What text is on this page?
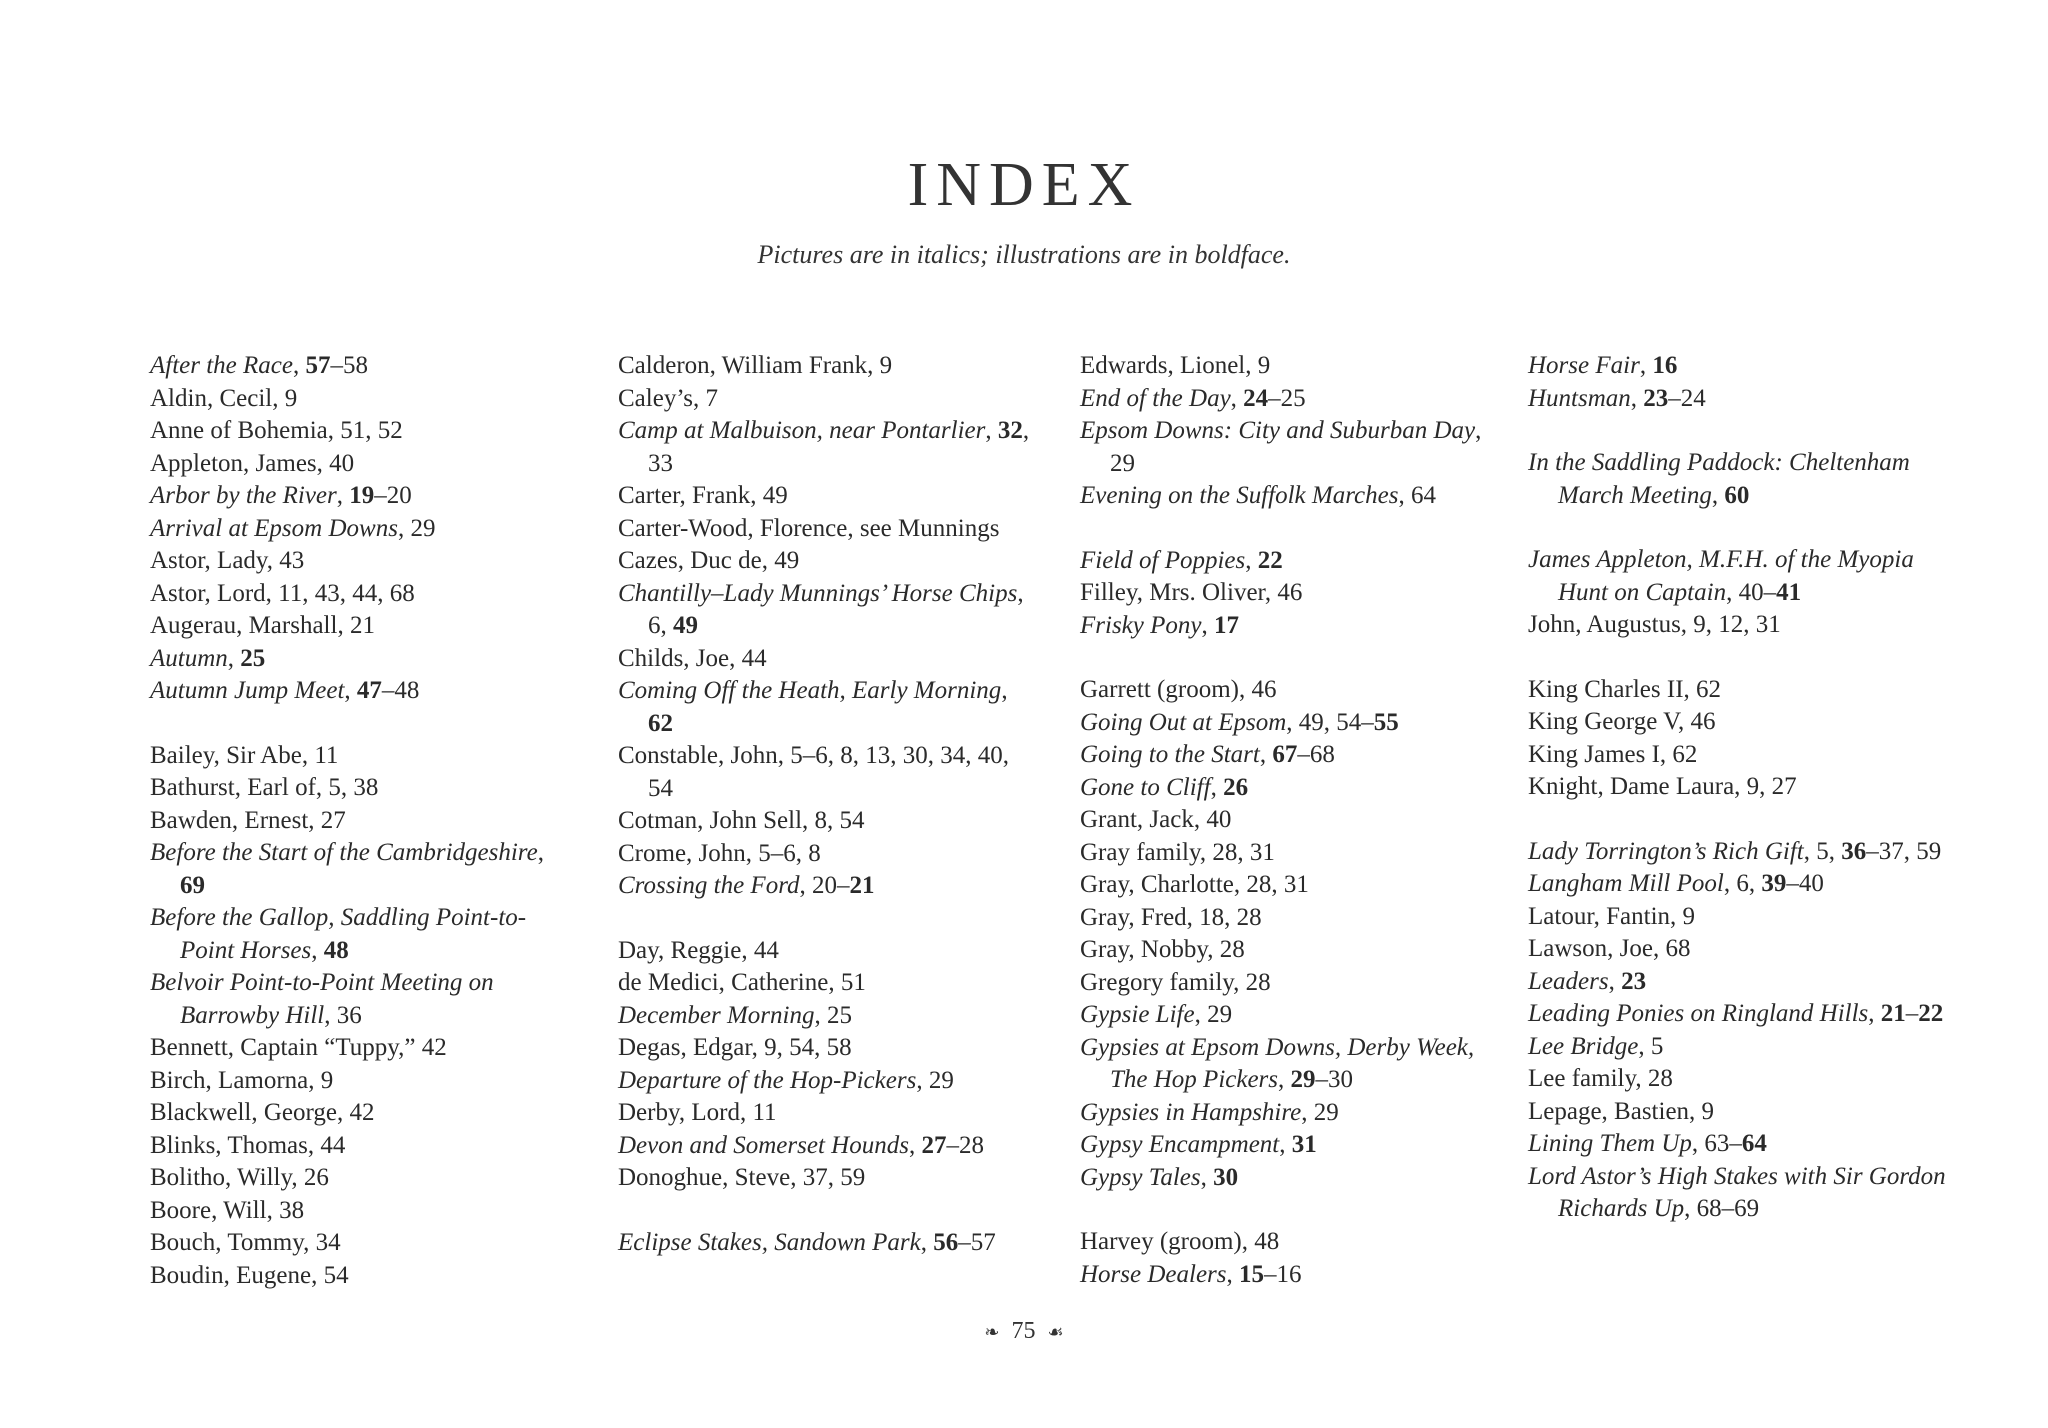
INDEX
Pictures are in italics; illustrations are in boldface.
After the Race, 57–58
Aldin, Cecil, 9
Anne of Bohemia, 51, 52
Appleton, James, 40
Arbor by the River, 19–20
Arrival at Epsom Downs, 29
Astor, Lady, 43
Astor, Lord, 11, 43, 44, 68
Augerau, Marshall, 21
Autumn, 25
Autumn Jump Meet, 47–48
Bailey, Sir Abe, 11
Bathurst, Earl of, 5, 38
Bawden, Ernest, 27
Before the Start of the Cambridgeshire, 69
Before the Gallop, Saddling Point-to-Point Horses, 48
Belvoir Point-to-Point Meeting on Barrowby Hill, 36
Bennett, Captain “Tuppy,” 42
Birch, Lamorna, 9
Blackwell, George, 42
Blinks, Thomas, 44
Bolitho, Willy, 26
Boore, Will, 38
Bouch, Tommy, 34
Boudin, Eugene, 54
Calderon, William Frank, 9
Caley’s, 7
Camp at Malbuison, near Pontarlier, 32, 33
Carter, Frank, 49
Carter-Wood, Florence, see Munnings
Cazes, Duc de, 49
Chantilly–Lady Munnings’ Horse Chips, 6, 49
Childs, Joe, 44
Coming Off the Heath, Early Morning, 62
Constable, John, 5–6, 8, 13, 30, 34, 40, 54
Cotman, John Sell, 8, 54
Crome, John, 5–6, 8
Crossing the Ford, 20–21
Day, Reggie, 44
de Medici, Catherine, 51
December Morning, 25
Degas, Edgar, 9, 54, 58
Departure of the Hop-Pickers, 29
Derby, Lord, 11
Devon and Somerset Hounds, 27–28
Donoghue, Steve, 37, 59
Eclipse Stakes, Sandown Park, 56–57
Edwards, Lionel, 9
End of the Day, 24–25
Epsom Downs: City and Suburban Day, 29
Evening on the Suffolk Marches, 64
Field of Poppies, 22
Filley, Mrs. Oliver, 46
Frisky Pony, 17
Garrett (groom), 46
Going Out at Epsom, 49, 54–55
Going to the Start, 67–68
Gone to Cliff, 26
Grant, Jack, 40
Gray family, 28, 31
Gray, Charlotte, 28, 31
Gray, Fred, 18, 28
Gray, Nobby, 28
Gregory family, 28
Gypsie Life, 29
Gypsies at Epsom Downs, Derby Week, The Hop Pickers, 29–30
Gypsies in Hampshire, 29
Gypsy Encampment, 31
Gypsy Tales, 30
Harvey (groom), 48
Horse Dealers, 15–16
Horse Fair, 16
Huntsman, 23–24
In the Saddling Paddock: Cheltenham March Meeting, 60
James Appleton, M.F.H. of the Myopia Hunt on Captain, 40–41
John, Augustus, 9, 12, 31
King Charles II, 62
King George V, 46
King James I, 62
Knight, Dame Laura, 9, 27
Lady Torrington’s Rich Gift, 5, 36–37, 59
Langham Mill Pool, 6, 39–40
Latour, Fantin, 9
Lawson, Joe, 68
Leaders, 23
Leading Ponies on Ringland Hills, 21–22
Lee Bridge, 5
Lee family, 28
Lepage, Bastien, 9
Lining Them Up, 63–64
Lord Astor’s High Stakes with Sir Gordon Richards Up, 68–69
❧ 75 ☙
